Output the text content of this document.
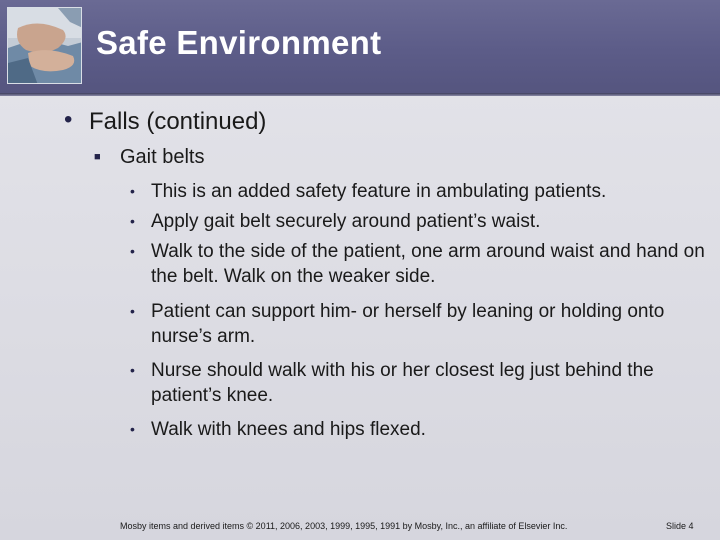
Safe Environment
• Falls (continued)
■ Gait belts
• This is an added safety feature in ambulating patients.
• Apply gait belt securely around patient’s waist.
• Walk to the side of the patient, one arm around waist and hand on the belt. Walk on the weaker side.
• Patient can support him- or herself by leaning or holding onto nurse’s arm.
• Nurse should walk with his or her closest leg just behind the patient’s knee.
• Walk with knees and hips flexed.
Mosby items and derived items © 2011, 2006, 2003, 1999, 1995, 1991 by Mosby, Inc., an affiliate of Elsevier Inc.	Slide 4
